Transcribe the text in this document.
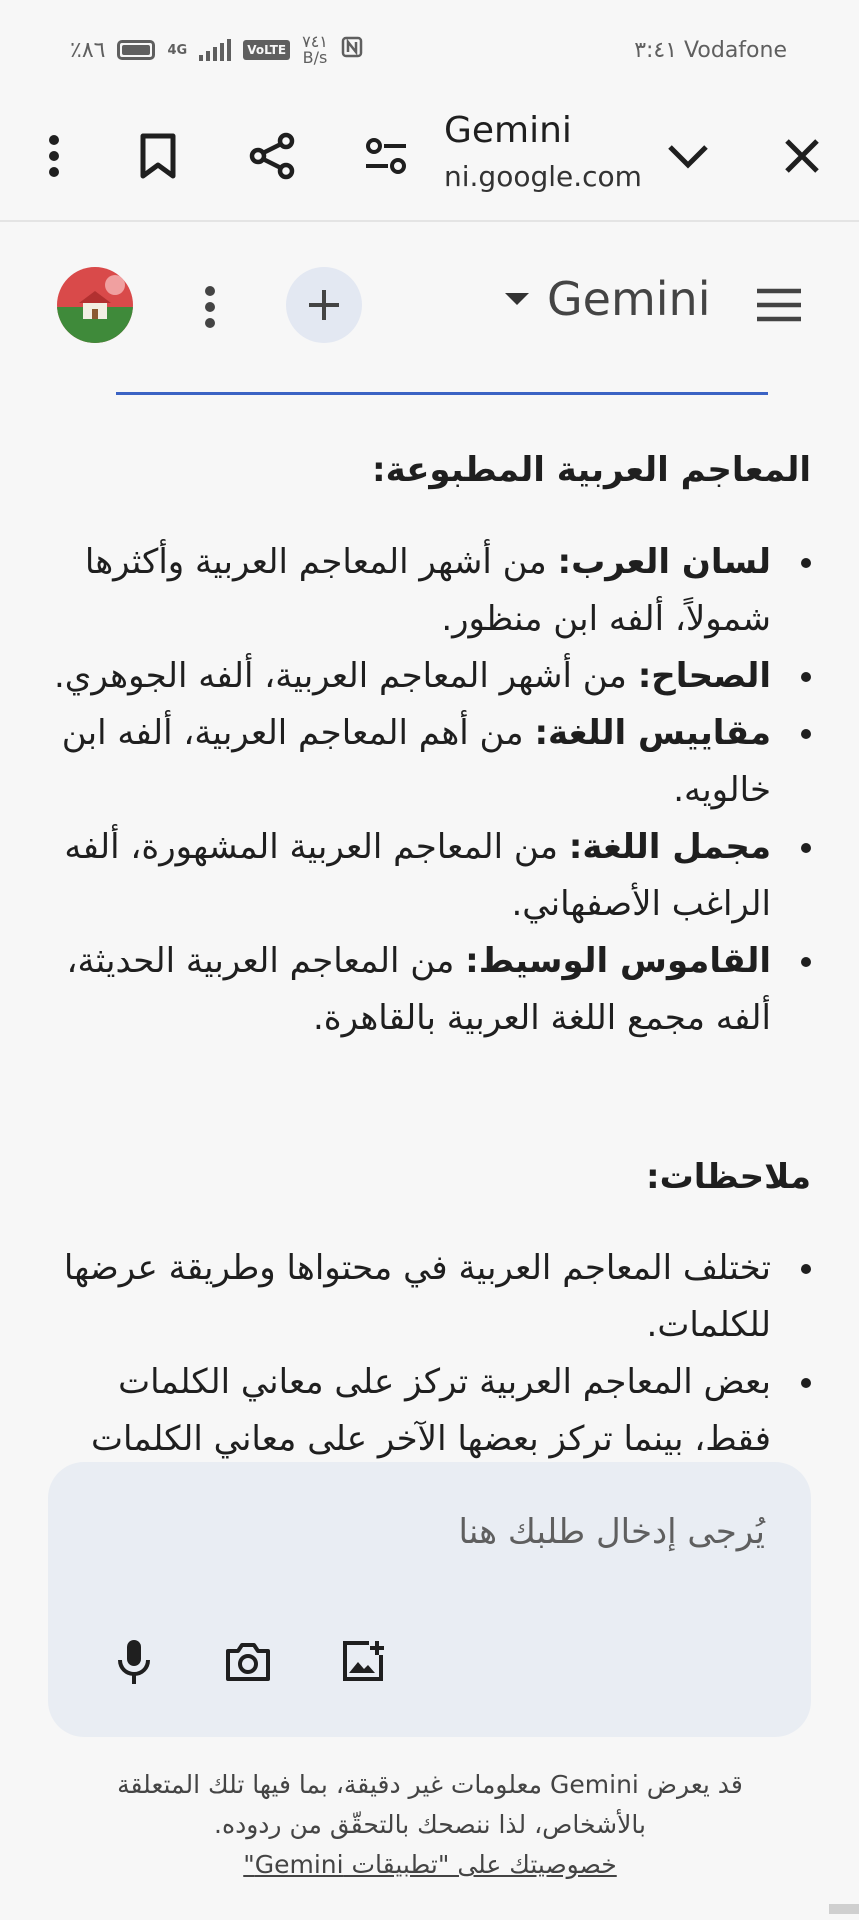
٪٨٦	4G	VoLTE ٧٤١
B/s	٣:٤١ Vodafone
Gemini
ni.google.com
Gemini
المعاجم العربية المطبوعة:
لسان العرب: من أشهر المعاجم العربية وأكثرها شمولاً، ألفه ابن منظور.
الصحاح: من أشهر المعاجم العربية، ألفه الجوهري.
مقاييس اللغة: من أهم المعاجم العربية، ألفه ابن خالويه.
مجمل اللغة: من المعاجم العربية المشهورة، ألفه الراغب الأصفهاني.
القاموس الوسيط: من المعاجم العربية الحديثة، ألفه مجمع اللغة العربية بالقاهرة.
ملاحظات:
تختلف المعاجم العربية في محتواها وطريقة عرضها للكلمات.
بعض المعاجم العربية تركز على معاني الكلمات فقط، بينما تركز بعضها الآخر على معاني الكلمات
يُرجى إدخال طلبك هنا
قد يعرض Gemini معلومات غير دقيقة، بما فيها تلك المتعلقة بالأشخاص، لذا ننصحك بالتحقّق من ردوده.
خصوصيتك على "تطبيقات Gemini"
